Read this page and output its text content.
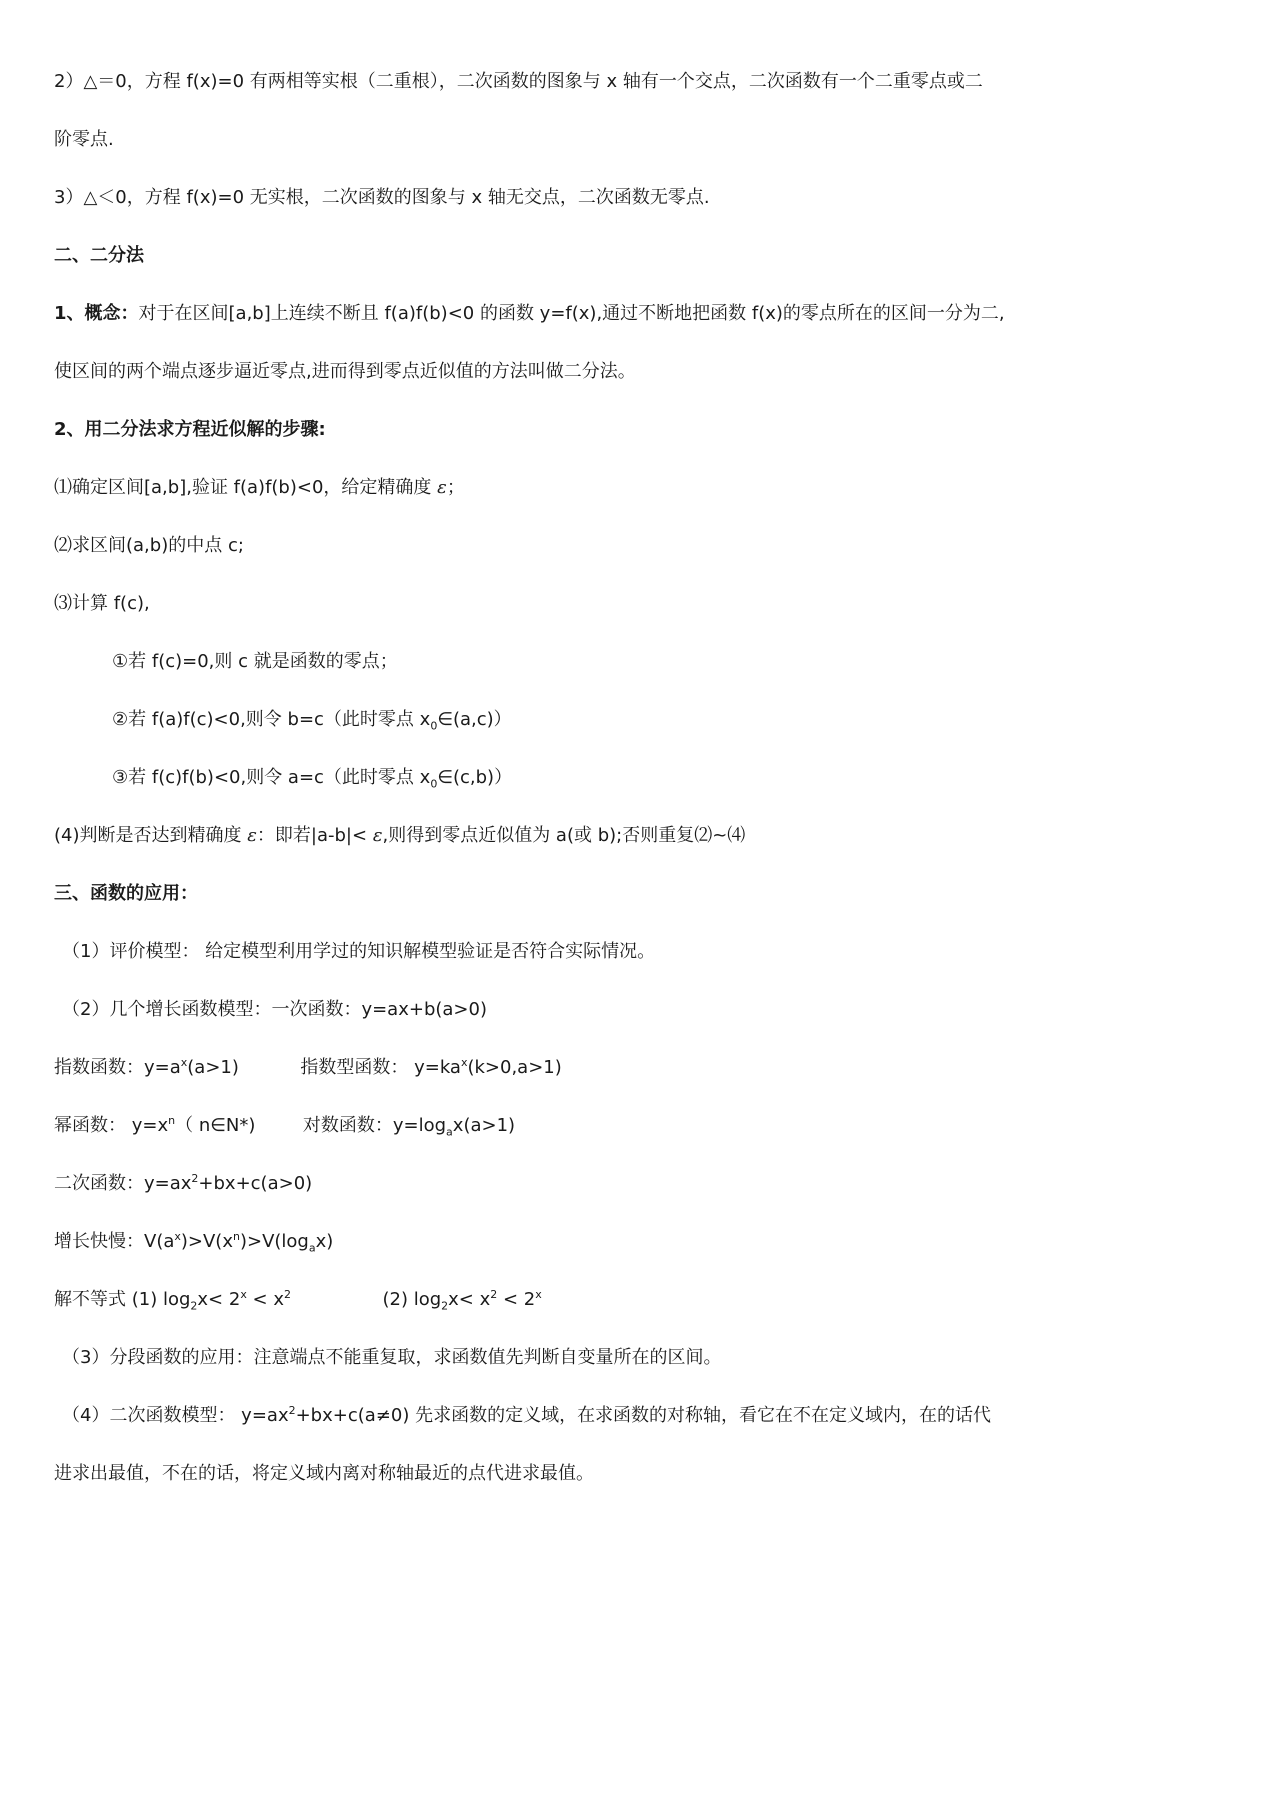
2）△＝0，方程 f(x)=0 有两相等实根（二重根），二次函数的图象与 x 轴有一个交点，二次函数有一个二重零点或二
阶零点.
3）△＜0，方程 f(x)=0 无实根，二次函数的图象与 x 轴无交点，二次函数无零点.
二、二分法
1、概念：对于在区间[a,b]上连续不断且 f(a)f(b)<0 的函数 y=f(x),通过不断地把函数 f(x)的零点所在的区间一分为二,
使区间的两个端点逐步逼近零点,进而得到零点近似值的方法叫做二分法。
2、用二分法求方程近似解的步骤:
⑴确定区间[a,b],验证 f(a)f(b)<0，给定精确度 ε；
⑵求区间(a,b)的中点 c;
⑶计算 f(c),
①若 f(c)=0,则 c 就是函数的零点；
②若 f(a)f(c)<0,则令 b=c（此时零点 $x_0\in(a,c)$）
③若 f(c)f(b)<0,则令 a=c（此时零点 $x_0\in(c,b)$）
(4)判断是否达到精确度 ε：即若|a-b|< ε,则得到零点近似值为 a(或 b);否则重复⑵~⑷
三、函数的应用：
（1）评价模型： 给定模型利用学过的知识解模型验证是否符合实际情况。
（2）几个增长函数模型：一次函数：y=ax+b(a>0)
指数函数：$y=a^x(a>1)$	指数型函数： $y=ka^x(k>0,a>1)$
幂函数： $y=x^n$（ n∈N*)	对数函数：$y=\log_ax(a>1)$
二次函数：$y=ax^2+bx+c(a>0)$
增长快慢：$V(a^x)>V(x^n)>V(\log_ax)$
解不等式 (1) $\log_2x< 2^x < x^2$	(2) $\log_2x< x^2 < 2^x$
（3）分段函数的应用：注意端点不能重复取，求函数值先判断自变量所在的区间。
（4）二次函数模型： $y=ax^2+bx+c(a\ne 0)$ 先求函数的定义域，在求函数的对称轴，看它在不在定义域内，在的话代
进求出最值，不在的话，将定义域内离对称轴最近的点代进求最值。
